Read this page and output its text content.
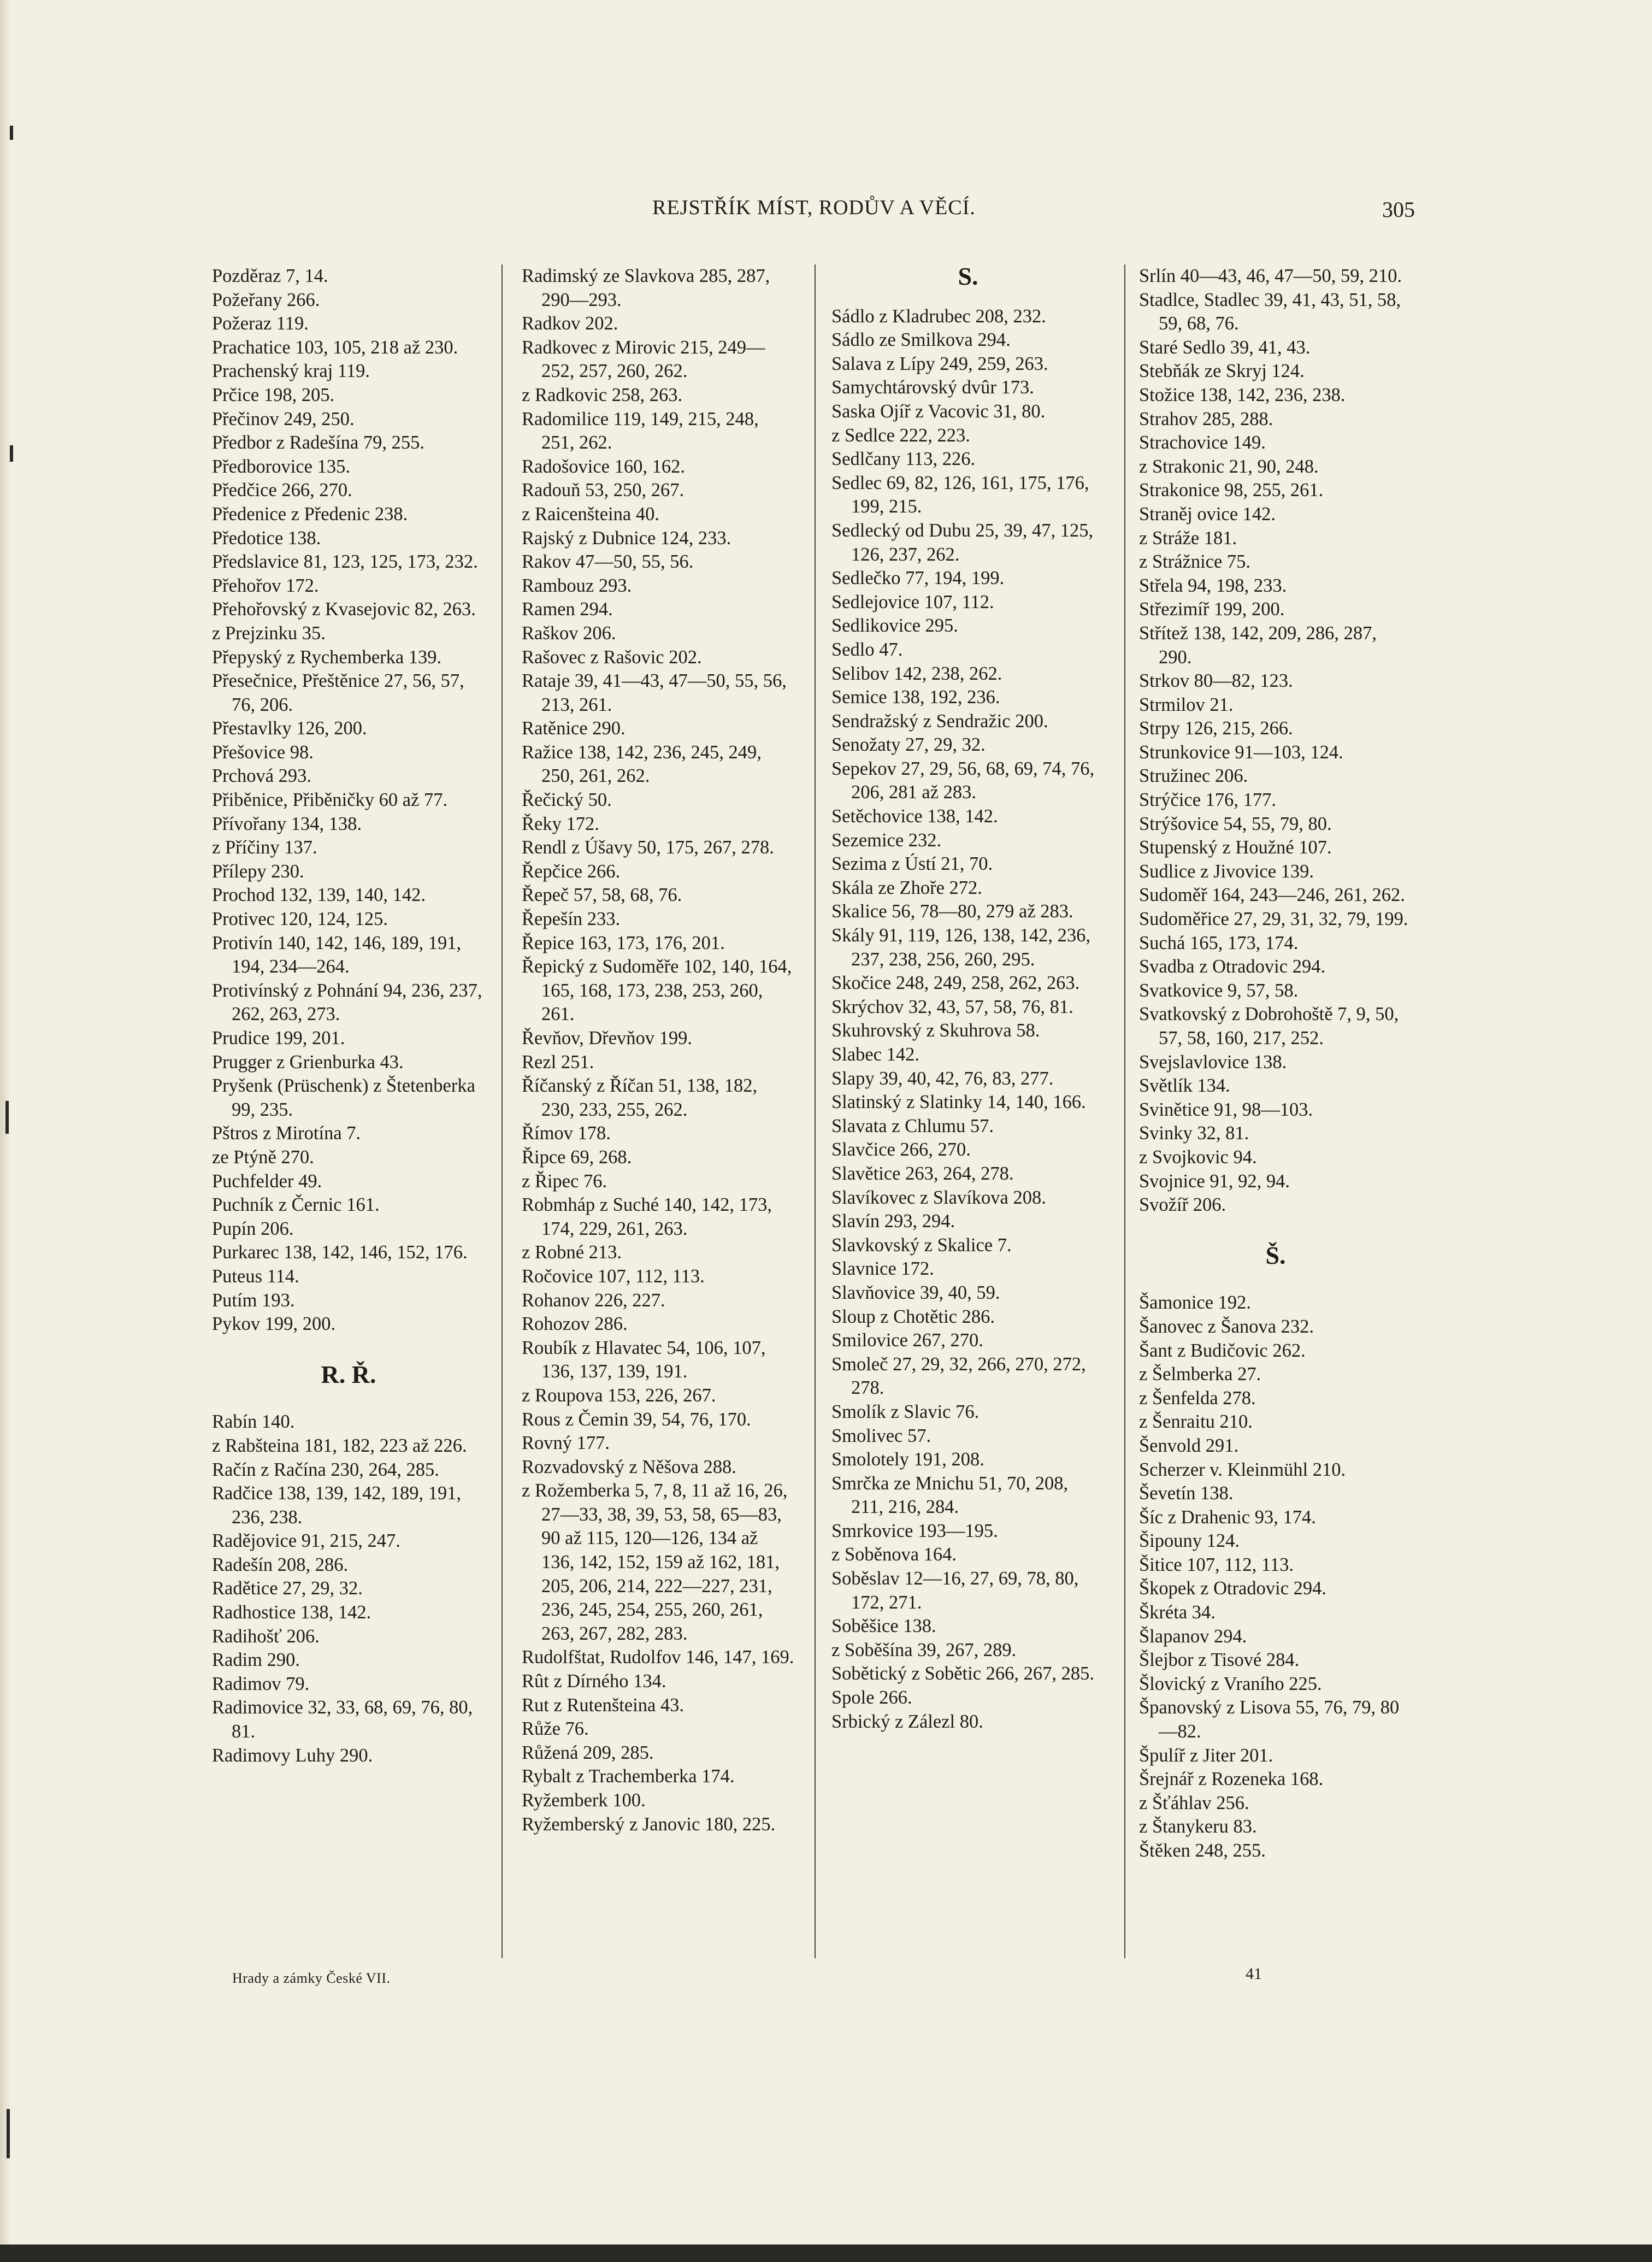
REJSTŘÍK MÍST, RODŮV A VĚCÍ.	305

Pozděraz 7, 14.

Požeřany 266.

Požeraz 119.

Prachatice 103, 105, 218 až 230.

Prachenský kraj 119.

Prčice 198, 205.

Přečinov 249, 250.

Předbor z Radešína 79, 255.

Předborovice 135.

Předčice 266, 270.

Předenice z Předenic 238.

Předotice 138.

Předslavice 81, 123, 125, 173, 232.

Přehořov 172.

Přehořovský z Kvasejovic 82, 263.

z Prejzinku 35.

Přepyský z Rychemberka 139.

Přesečnice, Přeštěnice 27, 56, 57, 76, 206.

Přestavlky 126, 200.

Přešovice 98.

Prchová 293.

Přiběnice, Přiběničky 60 až 77.

Přívořany 134, 138.

z Příčiny 137.

Přílepy 230.

Prochod 132, 139, 140, 142.

Protivec 120, 124, 125.

Protivín 140, 142, 146, 189, 191, 194, 234—264.

Protivínský z Pohnání 94, 236, 237, 262, 263, 273.

Prudice 199, 201.

Prugger z Grienburka 43.

Pryšenk (Prüschenk) z Štetenberka 99, 235.

Pštros z Mirotína 7.

ze Ptýně 270.

Puchfelder 49.

Puchník z Černic 161.

Pupín 206.

Purkarec 138, 142, 146, 152, 176.

Puteus 114.

Putím 193.

Pykov 199, 200.

R. Ř.

Rabín 140.

z Rabšteina 181, 182, 223 až 226.

Račín z Račína 230, 264, 285.

Radčice 138, 139, 142, 189, 191, 236, 238.

Radějovice 91, 215, 247.

Radešín 208, 286.

Radětice 27, 29, 32.

Radhostice 138, 142.

Radihošť 206.

Radim 290.

Radimov 79.

Radimovice 32, 33, 68, 69, 76, 80, 81.

Radimovy Luhy 290.

Radimský ze Slavkova 285, 287, 290—293.

Radkov 202.

Radkovec z Mirovic 215, 249—252, 257, 260, 262.

z Radkovic 258, 263.

Radomilice 119, 149, 215, 248, 251, 262.

Radošovice 160, 162.

Radouň 53, 250, 267.

z Raicenšteina 40.

Rajský z Dubnice 124, 233.

Rakov 47—50, 55, 56.

Rambouz 293.

Ramen 294.

Raškov 206.

Rašovec z Rašovic 202.

Rataje 39, 41—43, 47—50, 55, 56, 213, 261.

Ratěnice 290.

Ražice 138, 142, 236, 245, 249, 250, 261, 262.

Řečický 50.

Řeky 172.

Rendl z Úšavy 50, 175, 267, 278.

Řepčice 266.

Řepeč 57, 58, 68, 76.

Řepešín 233.

Řepice 163, 173, 176, 201.

Řepický z Sudoměře 102, 140, 164, 165, 168, 173, 238, 253, 260, 261.

Řevňov, Dřevňov 199.

Rezl 251.

Říčanský z Říčan 51, 138, 182, 230, 233, 255, 262.

Římov 178.

Řipce 69, 268.

z Řipec 76.

Robmháp z Suché 140, 142, 173, 174, 229, 261, 263.

z Robné 213.

Ročovice 107, 112, 113.

Rohanov 226, 227.

Rohozov 286.

Roubík z Hlavatec 54, 106, 107, 136, 137, 139, 191.

z Roupova 153, 226, 267.

Rous z Čemin 39, 54, 76, 170.

Rovný 177.

Rozvadovský z Něšova 288.

z Rožemberka 5, 7, 8, 11 až 16, 26, 27—33, 38, 39, 53, 58, 65—83, 90 až 115, 120—126, 134 až 136, 142, 152, 159 až 162, 181, 205, 206, 214, 222—227, 231, 236, 245, 254, 255, 260, 261, 263, 267, 282, 283.

Rudolfštat, Rudolfov 146, 147, 169.

Rût z Dírného 134.

Rut z Rutenšteina 43.

Růže 76.

Růžená 209, 285.

Rybalt z Trachemberka 174.

Ryžemberk 100.

Ryžemberský z Janovic 180, 225.

S.

Sádlo z Kladrubec 208, 232.

Sádlo ze Smilkova 294.

Salava z Lípy 249, 259, 263.

Samychtárovský dvûr 173.

Saska Ojíř z Vacovic 31, 80.

z Sedlce 222, 223.

Sedlčany 113, 226.

Sedlec 69, 82, 126, 161, 175, 176, 199, 215.

Sedlecký od Dubu 25, 39, 47, 125, 126, 237, 262.

Sedlečko 77, 194, 199.

Sedlejovice 107, 112.

Sedlikovice 295.

Sedlo 47.

Selibov 142, 238, 262.

Semice 138, 192, 236.

Sendražský z Sendražic 200.

Senožaty 27, 29, 32.

Sepekov 27, 29, 56, 68, 69, 74, 76, 206, 281 až 283.

Setěchovice 138, 142.

Sezemice 232.

Sezima z Ústí 21, 70.

Skála ze Zhoře 272.

Skalice 56, 78—80, 279 až 283.

Skály 91, 119, 126, 138, 142, 236, 237, 238, 256, 260, 295.

Skočice 248, 249, 258, 262, 263.

Skrýchov 32, 43, 57, 58, 76, 81.

Skuhrovský z Skuhrova 58.

Slabec 142.

Slapy 39, 40, 42, 76, 83, 277.

Slatinský z Slatinky 14, 140, 166.

Slavata z Chlumu 57.

Slavčice 266, 270.

Slavětice 263, 264, 278.

Slavíkovec z Slavíkova 208.

Slavín 293, 294.

Slavkovský z Skalice 7.

Slavnice 172.

Slavňovice 39, 40, 59.

Sloup z Chotětic 286.

Smilovice 267, 270.

Smoleč 27, 29, 32, 266, 270, 272, 278.

Smolík z Slavic 76.

Smolivec 57.

Smolotely 191, 208.

Smrčka ze Mnichu 51, 70, 208, 211, 216, 284.

Smrkovice 193—195.

z Soběnova 164.

Soběslav 12—16, 27, 69, 78, 80, 172, 271.

Soběšice 138.

z Soběšína 39, 267, 289.

Sobětický z Sobětic 266, 267, 285.

Spole 266.

Srbický z Zálezl 80.

Srlín 40—43, 46, 47—50, 59, 210.

Stadlce, Stadlec 39, 41, 43, 51, 58, 59, 68, 76.

Staré Sedlo 39, 41, 43.

Stebňák ze Skryj 124.

Stožice 138, 142, 236, 238.

Strahov 285, 288.

Strachovice 149.

z Strakonic 21, 90, 248.

Strakonice 98, 255, 261.

Straněj ovice 142.

z Stráže 181.

z Strážnice 75.

Střela 94, 198, 233.

Střezimíř 199, 200.

Střítež 138, 142, 209, 286, 287, 290.

Strkov 80—82, 123.

Strmilov 21.

Strpy 126, 215, 266.

Strunkovice 91—103, 124.

Stružinec 206.

Strýčice 176, 177.

Strýšovice 54, 55, 79, 80.

Stupenský z Houžné 107.

Sudlice z Jivovice 139.

Sudoměř 164, 243—246, 261, 262.

Sudoměřice 27, 29, 31, 32, 79, 199.

Suchá 165, 173, 174.

Svadba z Otradovic 294.

Svatkovice 9, 57, 58.

Svatkovský z Dobrohoště 7, 9, 50, 57, 58, 160, 217, 252.

Svejslavlovice 138.

Světlík 134.

Svinětice 91, 98—103.

Svinky 32, 81.

z Svojkovic 94.

Svojnice 91, 92, 94.

Svožíř 206.

Š.

Šamonice 192.

Šanovec z Šanova 232.

Šant z Budičovic 262.

z Šelmberka 27.

z Šenfelda 278.

z Šenraitu 210.

Šenvold 291.

Scherzer v. Kleinmühl 210.

Ševetín 138.

Šíc z Drahenic 93, 174.

Šipouny 124.

Šitice 107, 112, 113.

Škopek z Otradovic 294.

Škréta 34.

Šlapanov 294.

Šlejbor z Tisové 284.

Šlovický z Vraního 225.

Španovský z Lisova 55, 76, 79, 80—82.

Špulíř z Jiter 201.

Šrejnář z Rozeneka 168.

z Šťáhlav 256.

z Štanykeru 83.

Štěken 248, 255.

Hrady a zámky České VII.	41
